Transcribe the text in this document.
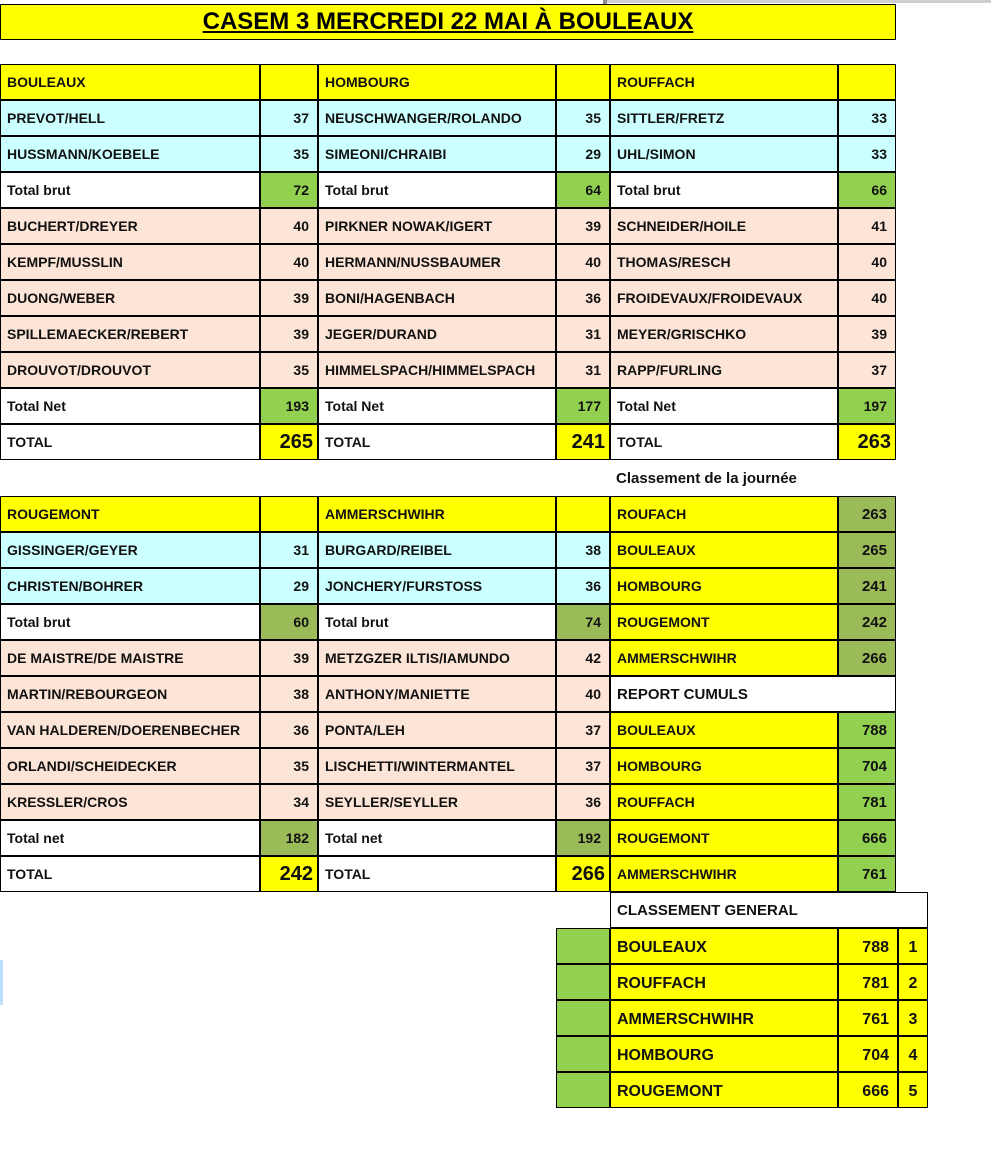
CASEM 3 MERCREDI 22 MAI À BOULEAUX
BOULEAUX
PREVOT/HELL	37
HUSSMANN/KOEBELE	35
Total brut	72
BUCHERT/DREYER	40
KEMPF/MUSSLIN	40
DUONG/WEBER	39
SPILLEMAECKER/REBERT	39
DROUVOT/DROUVOT	35
Total Net	193
TOTAL	265
HOMBOURG
NEUSCHWANGER/ROLANDO	35
SIMEONI/CHRAIBI	29
Total brut	64
PIRKNER NOWAK/IGERT	39
HERMANN/NUSSBAUMER	40
BONI/HAGENBACH	36
JEGER/DURAND	31
HIMMELSPACH/HIMMELSPACH	31
Total Net	177
TOTAL	241
ROUFFACH
SITTLER/FRETZ	33
UHL/SIMON	33
Total brut	66
SCHNEIDER/HOILE	41
THOMAS/RESCH	40
FROIDEVAUX/FROIDEVAUX	40
MEYER/GRISCHKO	39
RAPP/FURLING	37
Total Net	197
TOTAL	263
ROUGEMONT
GISSINGER/GEYER	31
CHRISTEN/BOHRER	29
Total brut	60
DE MAISTRE/DE MAISTRE	39
MARTIN/REBOURGEON	38
VAN HALDEREN/DOERENBECHER	36
ORLANDI/SCHEIDECKER	35
KRESSLER/CROS	34
Total net	182
TOTAL	242
AMMERSCHWIHR
BURGARD/REIBEL	38
JONCHERY/FURSTOSS	36
Total brut	74
METZGZER ILTIS/IAMUNDO	42
ANTHONY/MANIETTE	40
PONTA/LEH	37
LISCHETTI/WINTERMANTEL	37
SEYLLER/SEYLLER	36
Total net	192
TOTAL	266
Classement de la journée
ROUFACH	263
BOULEAUX	265
HOMBOURG	241
ROUGEMONT	242
AMMERSCHWIHR	266
REPORT CUMULS
BOULEAUX	788
HOMBOURG	704
ROUFFACH	781
ROUGEMONT	666
AMMERSCHWIHR	761
CLASSEMENT GENERAL
BOULEAUX	788	1
ROUFFACH	781	2
AMMERSCHWIHR	761	3
HOMBOURG	704	4
ROUGEMONT	666	5
